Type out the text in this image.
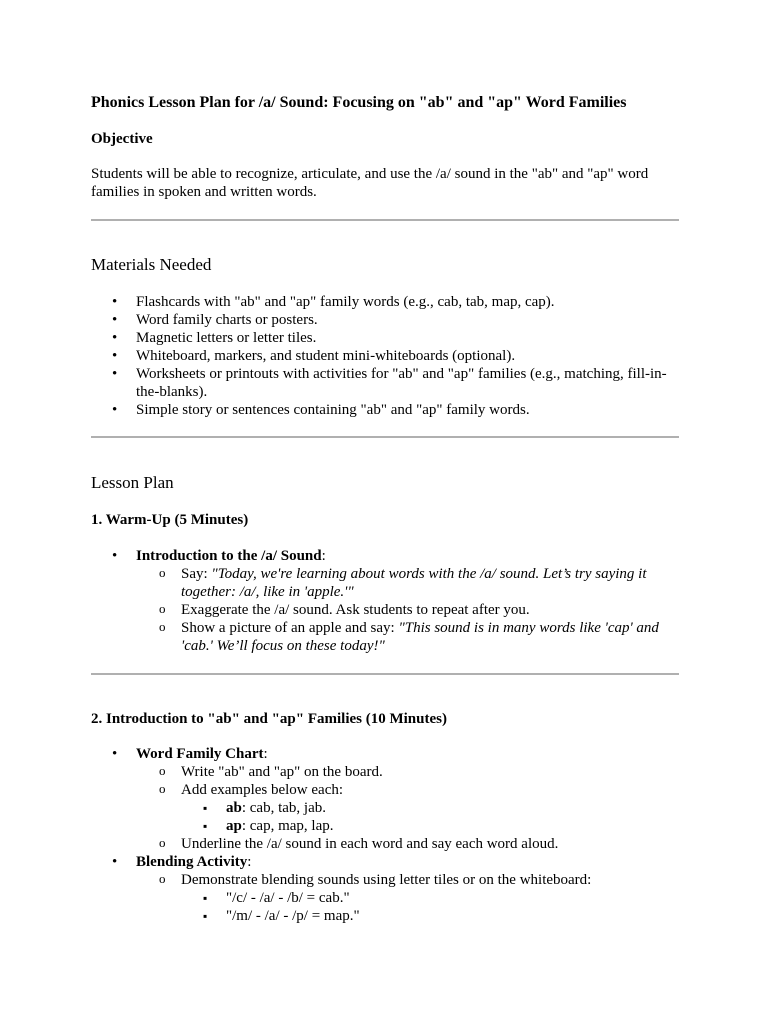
Phonics Lesson Plan for /a/ Sound: Focusing on "ab" and "ap" Word Families
Objective

Students will be able to recognize, articulate, and use the /a/ sound in the "ab" and "ap" word families in spoken and written words.

Materials Needed
• Flashcards with "ab" and "ap" family words (e.g., cab, tab, map, cap).
• Word family charts or posters.
• Magnetic letters or letter tiles.
• Whiteboard, markers, and student mini-whiteboards (optional).
• Worksheets or printouts with activities for "ab" and "ap" families (e.g., matching, fill-in-the-blanks).
• Simple story or sentences containing "ab" and "ap" family words.
Lesson Plan
1. Warm-Up (5 Minutes)
• Introduction to the /a/ Sound:
o Say: "Today, we're learning about words with the /a/ sound. Let’s try saying it together: /a/, like in 'apple.'"
o Exaggerate the /a/ sound. Ask students to repeat after you.
o Show a picture of an apple and say: "This sound is in many words like 'cap' and 'cab.' We’ll focus on these today!"
2. Introduction to "ab" and "ap" Families (10 Minutes)
• Word Family Chart:
o Write "ab" and "ap" on the board.
o Add examples below each:
▪ ab: cab, tab, jab.
▪ ap: cap, map, lap.
o Underline the /a/ sound in each word and say each word aloud.
• Blending Activity:
o Demonstrate blending sounds using letter tiles or on the whiteboard:
▪ "/c/ - /a/ - /b/ = cab."
▪ "/m/ - /a/ - /p/ = map."
